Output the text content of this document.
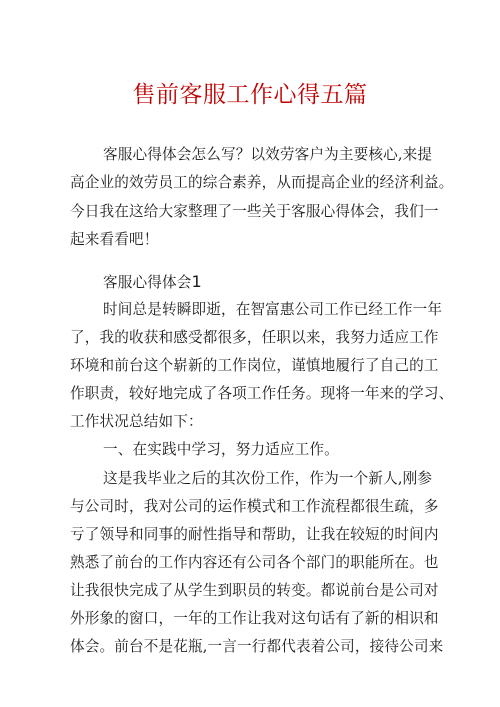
售前客服工作心得五篇
客服心得体会怎么写？以效劳客户为主要核心,来提
高企业的效劳员工的综合素养，从而提高企业的经济利益。
今日我在这给大家整理了一些关于客服心得体会，我们一
起来看看吧！
客服心得体会1
时间总是转瞬即逝，在智富惠公司工作已经工作一年
了，我的收获和感受都很多，任职以来，我努力适应工作
环境和前台这个崭新的工作岗位，谨慎地履行了自己的工
作职责，较好地完成了各项工作任务。现将一年来的学习、
工作状况总结如下：
一、在实践中学习，努力适应工作。
这是我毕业之后的其次份工作，作为一个新人,刚参
与公司时，我对公司的运作模式和工作流程都很生疏，多
亏了领导和同事的耐性指导和帮助，让我在较短的时间内
熟悉了前台的工作内容还有公司各个部门的职能所在。也
让我很快完成了从学生到职员的转变。都说前台是公司对
外形象的窗口，一年的工作让我对这句话有了新的相识和
体会。前台不是花瓶,一言一行都代表着公司，接待公司来
